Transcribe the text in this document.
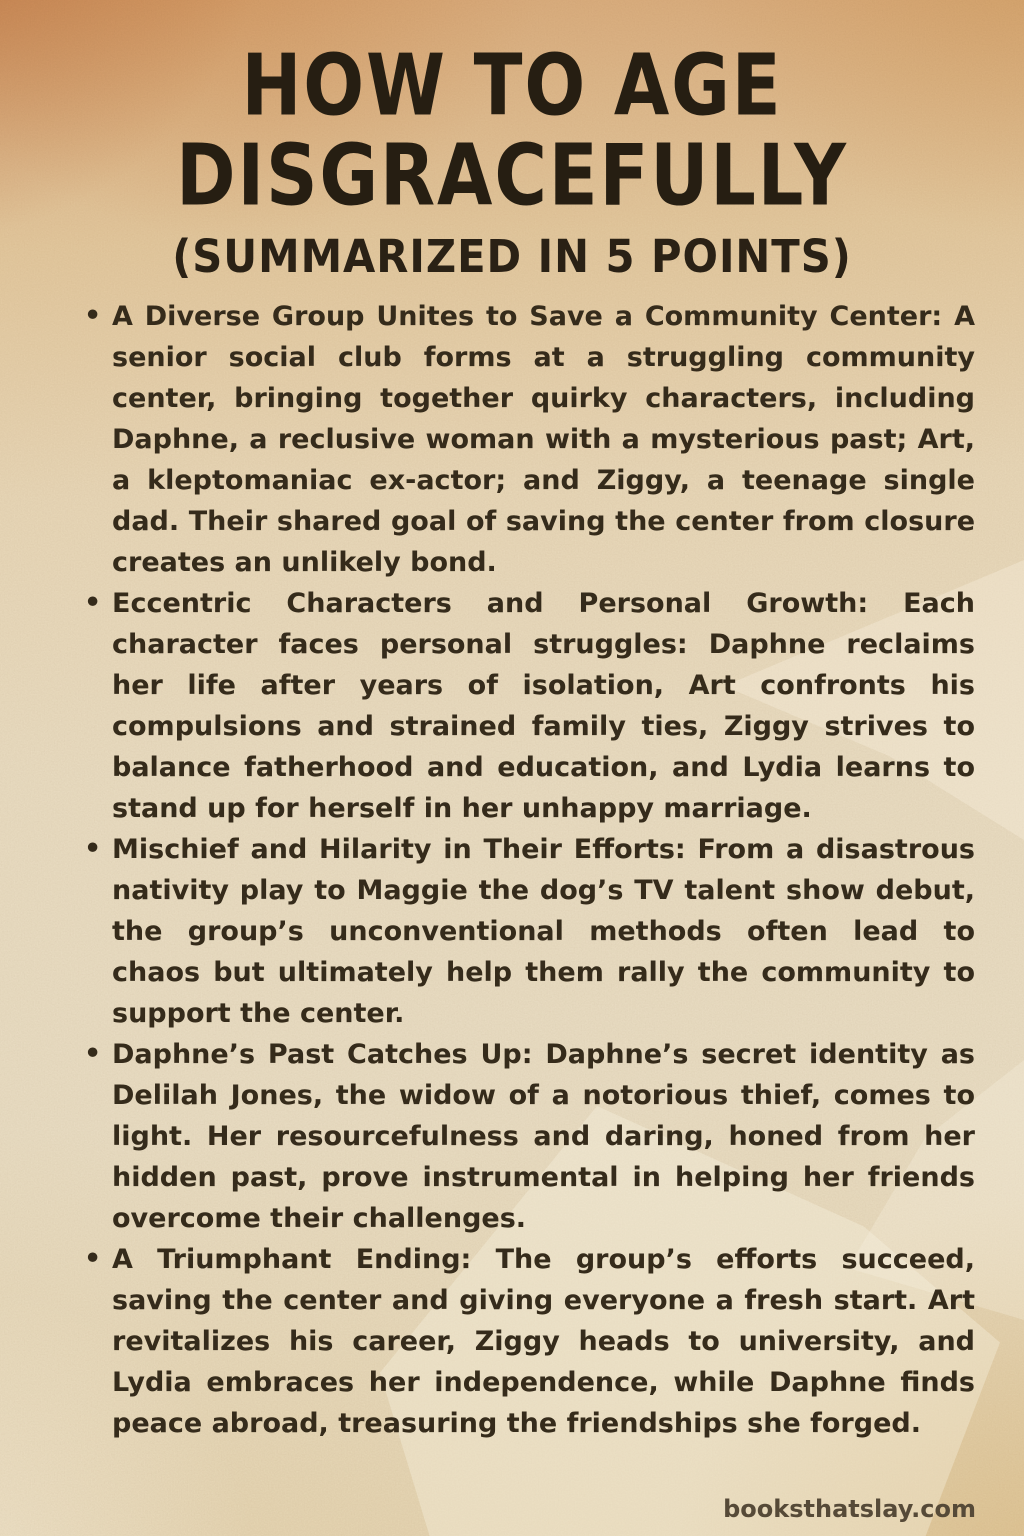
HOW TO AGE
DISGRACEFULLY
(SUMMARIZED IN 5 POINTS)
• A Diverse Group Unites to Save a Community Center: A senior social club forms at a struggling community center, bringing together quirky characters, including Daphne, a reclusive woman with a mysterious past; Art, a kleptomaniac ex-actor; and Ziggy, a teenage single dad. Their shared goal of saving the center from closure creates an unlikely bond.
• Eccentric Characters and Personal Growth: Each character faces personal struggles: Daphne reclaims her life after years of isolation, Art confronts his compulsions and strained family ties, Ziggy strives to balance fatherhood and education, and Lydia learns to stand up for herself in her unhappy marriage.
• Mischief and Hilarity in Their Efforts: From a disastrous nativity play to Maggie the dog’s TV talent show debut, the group’s unconventional methods often lead to chaos but ultimately help them rally the community to support the center.
• Daphne’s Past Catches Up: Daphne’s secret identity as Delilah Jones, the widow of a notorious thief, comes to light. Her resourcefulness and daring, honed from her hidden past, prove instrumental in helping her friends overcome their challenges.
• A Triumphant Ending: The group’s efforts succeed, saving the center and giving everyone a fresh start. Art revitalizes his career, Ziggy heads to university, and Lydia embraces her independence, while Daphne finds peace abroad, treasuring the friendships she forged.
booksthatslay.com
